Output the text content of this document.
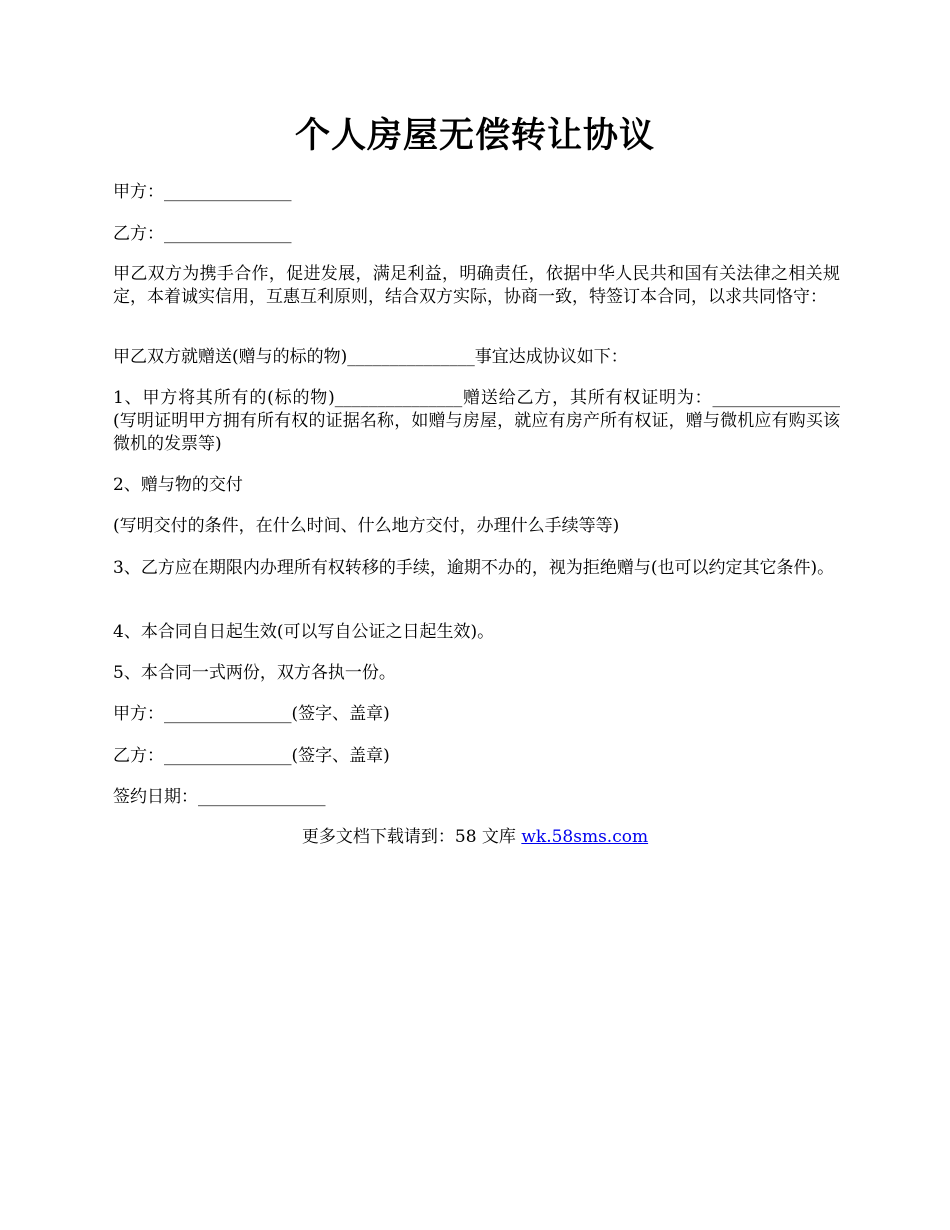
个人房屋无偿转让协议
甲方：_______________
乙方：_______________
甲乙双方为携手合作，促进发展，满足利益，明确责任，依据中华人民共和国有关法律之相关规定，本着诚实信用，互惠互利原则，结合双方实际，协商一致，特签订本合同，以求共同恪守：
甲乙双方就赠送(赠与的标的物)_______________事宜达成协议如下：
1、甲方将其所有的(标的物)_______________赠送给乙方，其所有权证明为：_______________(写明证明甲方拥有所有权的证据名称，如赠与房屋，就应有房产所有权证，赠与微机应有购买该微机的发票等)
2、赠与物的交付
(写明交付的条件，在什么时间、什么地方交付，办理什么手续等等)
3、乙方应在期限内办理所有权转移的手续，逾期不办的，视为拒绝赠与(也可以约定其它条件)。
4、本合同自日起生效(可以写自公证之日起生效)。
5、本合同一式两份，双方各执一份。
甲方：_______________(签字、盖章)
乙方：_______________(签字、盖章)
签约日期：_______________
更多文档下载请到：58 文库 wk.58sms.com
